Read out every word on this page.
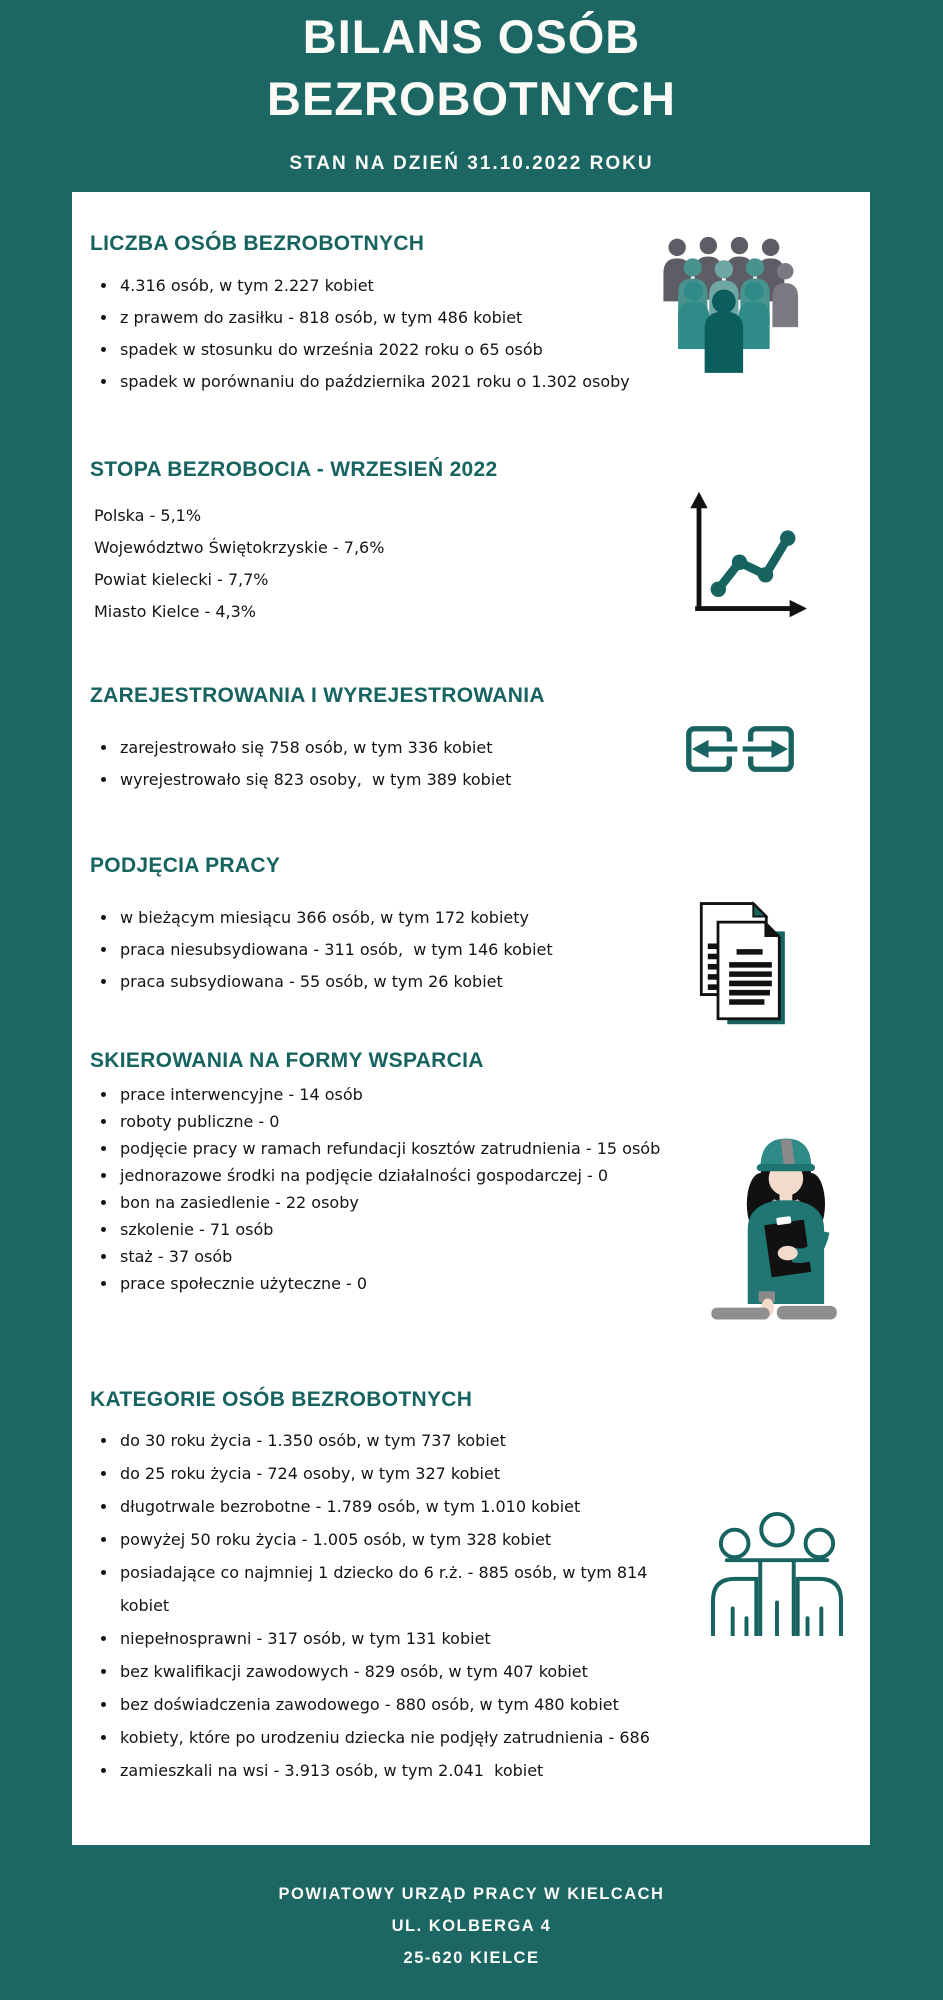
BILANS OSÓB
BEZROBOTNYCH
STAN NA DZIEŃ 31.10.2022 ROKU
LICZBA OSÓB BEZROBOTNYCH
• 4.316 osób, w tym 2.227 kobiet
• z prawem do zasiłku - 818 osób, w tym 486 kobiet
• spadek w stosunku do września 2022 roku o 65 osób
• spadek w porównaniu do października 2021 roku o 1.302 osoby
STOPA BEZROBOCIA - WRZESIEŃ 2022
Polska - 5,1%
Województwo Świętokrzyskie - 7,6%
Powiat kielecki - 7,7%
Miasto Kielce - 4,3%
ZAREJESTROWANIA I WYREJESTROWANIA
• zarejestrowało się 758 osób, w tym 336 kobiet
• wyrejestrowało się 823 osoby,  w tym 389 kobiet
PODJĘCIA PRACY
• w bieżącym miesiącu 366 osób, w tym 172 kobiety
• praca niesubsydiowana - 311 osób,  w tym 146 kobiet
• praca subsydiowana - 55 osób, w tym 26 kobiet
SKIEROWANIA NA FORMY WSPARCIA
• prace interwencyjne - 14 osób
• roboty publiczne - 0
• podjęcie pracy w ramach refundacji kosztów zatrudnienia - 15 osób
• jednorazowe środki na podjęcie działalności gospodarczej - 0
• bon na zasiedlenie - 22 osoby
• szkolenie - 71 osób
• staż - 37 osób
• prace społecznie użyteczne - 0
KATEGORIE OSÓB BEZROBOTNYCH
• do 30 roku życia - 1.350 osób, w tym 737 kobiet
• do 25 roku życia - 724 osoby, w tym 327 kobiet
• długotrwale bezrobotne - 1.789 osób, w tym 1.010 kobiet
• powyżej 50 roku życia - 1.005 osób, w tym 328 kobiet
• posiadające co najmniej 1 dziecko do 6 r.ż. - 885 osób, w tym 814 kobiet
• niepełnosprawni - 317 osób, w tym 131 kobiet
• bez kwalifikacji zawodowych - 829 osób, w tym 407 kobiet
• bez doświadczenia zawodowego - 880 osób, w tym 480 kobiet
• kobiety, które po urodzeniu dziecka nie podjęły zatrudnienia - 686
• zamieszkali na wsi - 3.913 osób, w tym 2.041  kobiet
POWIATOWY URZĄD PRACY W KIELCACH
UL. KOLBERGA 4
25-620 KIELCE
